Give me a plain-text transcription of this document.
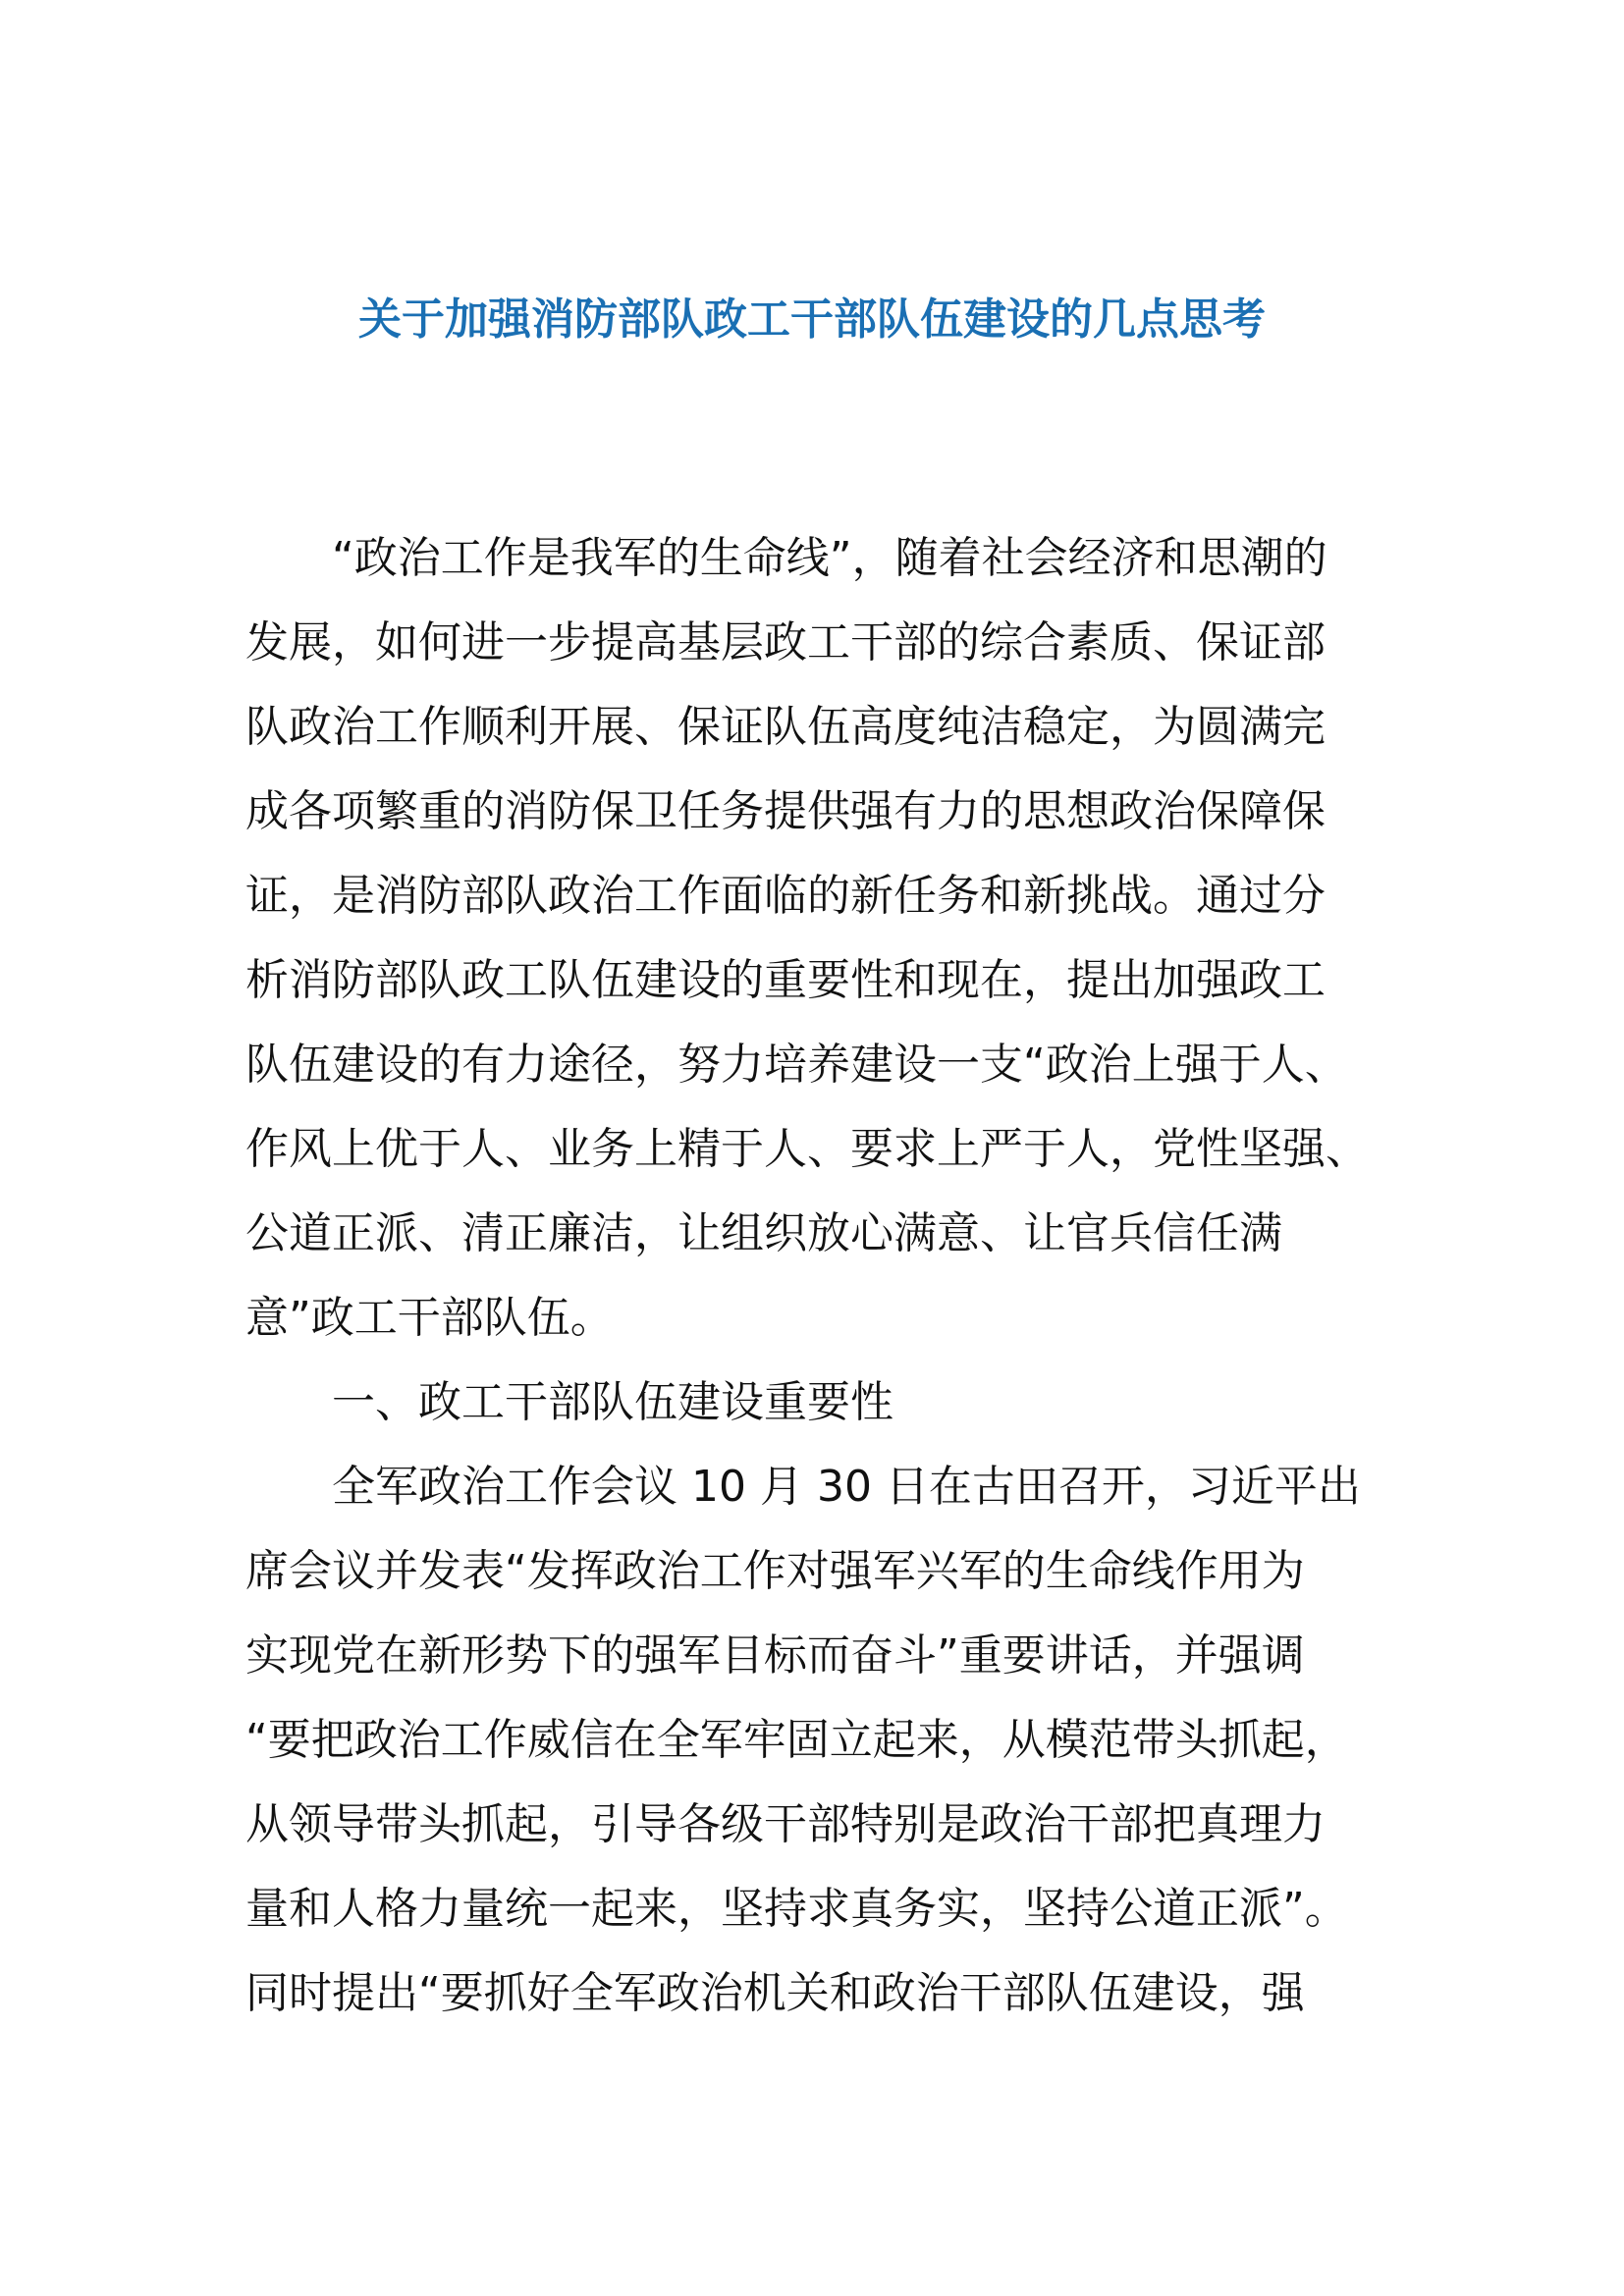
关于加强消防部队政工干部队伍建设的几点思考
　　“政治工作是我军的生命线”，随着社会经济和思潮的
发展，如何进一步提高基层政工干部的综合素质、保证部
队政治工作顺利开展、保证队伍高度纯洁稳定，为圆满完
成各项繁重的消防保卫任务提供强有力的思想政治保障保
证，是消防部队政治工作面临的新任务和新挑战。通过分
析消防部队政工队伍建设的重要性和现在，提出加强政工
队伍建设的有力途径，努力培养建设一支“政治上强于人、
作风上优于人、业务上精于人、要求上严于人，党性坚强、
公道正派、清正廉洁，让组织放心满意、让官兵信任满
意”政工干部队伍。
　　一、政工干部队伍建设重要性
　　全军政治工作会议 10 月 30 日在古田召开，习近平出
席会议并发表“发挥政治工作对强军兴军的生命线作用为
实现党在新形势下的强军目标而奋斗”重要讲话，并强调
“要把政治工作威信在全军牢固立起来，从模范带头抓起，
从领导带头抓起，引导各级干部特别是政治干部把真理力
量和人格力量统一起来，坚持求真务实，坚持公道正派”。
同时提出“要抓好全军政治机关和政治干部队伍建设，强
